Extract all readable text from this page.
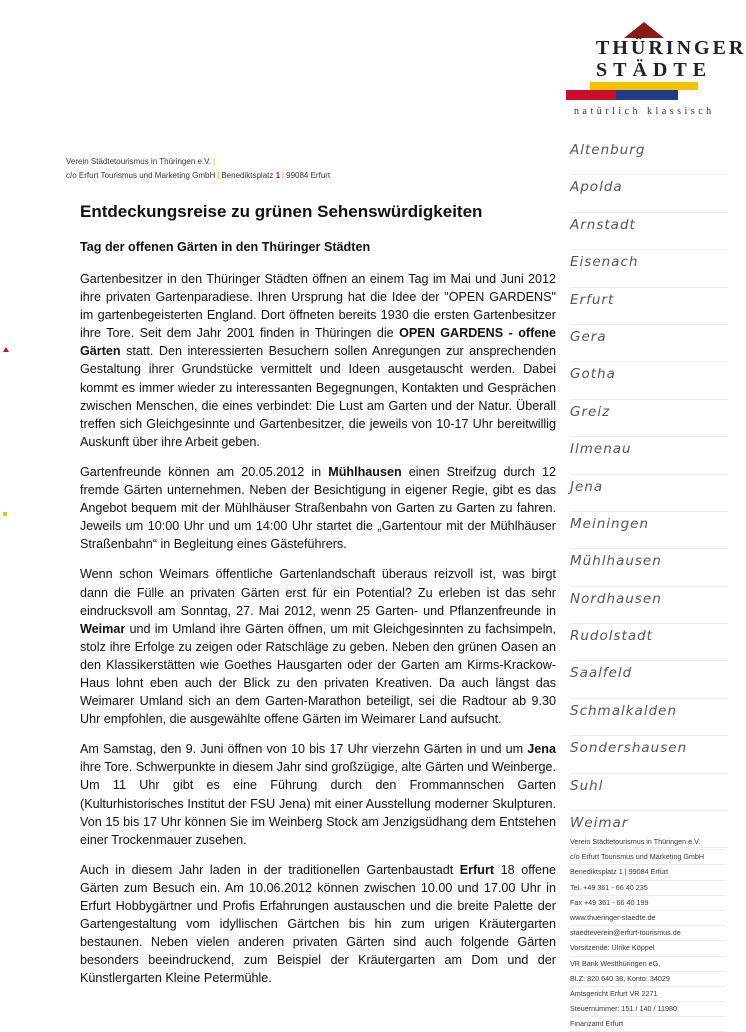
THÜRINGER
STÄDTE
natürlich klassisch
Verein Städtetourismus in Thüringen e.V. |
c/o Erfurt Tourismus und Marketing GmbH | Benediktsplatz 1 | 99084 Erfurt
Entdeckungsreise zu grünen Sehenswürdigkeiten
Tag der offenen Gärten in den Thüringer Städten

Gartenbesitzer in den Thüringer Städten öffnen an einem Tag im Mai und Juni 2012 ihre privaten Gartenparadiese. Ihren Ursprung hat die Idee der "OPEN GARDENS" im gartenbegeisterten England. Dort öffneten bereits 1930 die ersten Gartenbesitzer ihre Tore. Seit dem Jahr 2001 finden in Thüringen die OPEN GARDENS - offene Gärten statt. Den interessierten Besuchern sollen Anregungen zur ansprechenden Gestaltung ihrer Grundstücke vermittelt und Ideen ausgetauscht werden. Dabei kommt es immer wieder zu interessanten Begegnungen, Kontakten und Gesprächen zwischen Menschen, die eines verbindet: Die Lust am Garten und der Natur. Überall treffen sich Gleichgesinnte und Gartenbesitzer, die jeweils von 10-17 Uhr bereitwillig Auskunft über ihre Arbeit geben.

Gartenfreunde können am 20.05.2012 in Mühlhausen einen Streifzug durch 12 fremde Gärten unternehmen. Neben der Besichtigung in eigener Regie, gibt es das Angebot bequem mit der Mühlhäuser Straßenbahn von Garten zu Garten zu fahren. Jeweils um 10:00 Uhr und um 14:00 Uhr startet die „Gartentour mit der Mühlhäuser Straßenbahn“ in Begleitung eines Gästeführers.

Wenn schon Weimars öffentliche Gartenlandschaft überaus reizvoll ist, was birgt dann die Fülle an privaten Gärten erst für ein Potential? Zu erleben ist das sehr eindrucksvoll am Sonntag, 27. Mai 2012, wenn 25 Garten- und Pflanzenfreunde in Weimar und im Umland ihre Gärten öffnen, um mit Gleichgesinnten zu fachsimpeln, stolz ihre Erfolge zu zeigen oder Ratschläge zu geben. Neben den grünen Oasen an den Klassikerstätten wie Goethes Hausgarten oder der Garten am Kirms-Krackow-Haus lohnt eben auch der Blick zu den privaten Kreativen. Da auch längst das Weimarer Umland sich an dem Garten-Marathon beteiligt, sei die Radtour ab 9.30 Uhr empfohlen, die ausgewählte offene Gärten im Weimarer Land aufsucht.

Am Samstag, den 9. Juni öffnen von 10 bis 17 Uhr vierzehn Gärten in und um Jena ihre Tore. Schwerpunkte in diesem Jahr sind großzügige, alte Gärten und Weinberge. Um 11 Uhr gibt es eine Führung durch den Frommannschen Garten (Kulturhistorisches Institut der FSU Jena) mit einer Ausstellung moderner Skulpturen. Von 15 bis 17 Uhr können Sie im Weinberg Stock am Jenzigsüdhang dem Entstehen einer Trockenmauer zusehen.

Auch in diesem Jahr laden in der traditionellen Gartenbaustadt Erfurt 18 offene Gärten zum Besuch ein. Am 10.06.2012 können zwischen 10.00 und 17.00 Uhr in Erfurt Hobbygärtner und Profis Erfahrungen austauschen und die breite Palette der Gartengestaltung vom idyllischen Gärtchen bis hin zum urigen Kräutergarten bestaunen. Neben vielen anderen privaten Gärten sind auch folgende Gärten besonders beeindruckend, zum Beispiel der Kräutergarten am Dom und der Künstlergarten Kleine Petermühle.

Altenburg
Apolda
Arnstadt
Eisenach
Erfurt
Gera
Gotha
Greiz
Ilmenau
Jena
Meiningen
Mühlhausen
Nordhausen
Rudolstadt
Saalfeld
Schmalkalden
Sondershausen
Suhl
Weimar
Verein Städtetourismus in Thüringen e.V.
c/o Erfurt Tourismus und Marketing GmbH
Benediktsplatz 1 | 99084 Erfurt
Tel. +49 361 - 66 40 235
Fax +49 361 - 66 40 199
www.thueringer-staedte.de
staedteverein@erfurt-tourismus.de
Vorsitzende: Ulrike Köppel
VR Bank Westthüringen eG,
BLZ: 820 640 38, Konto: 34029
Amtsgericht Erfurt VR 2271
Steuernummer: 151 / 140 / 11980
Finanzamt Erfurt
